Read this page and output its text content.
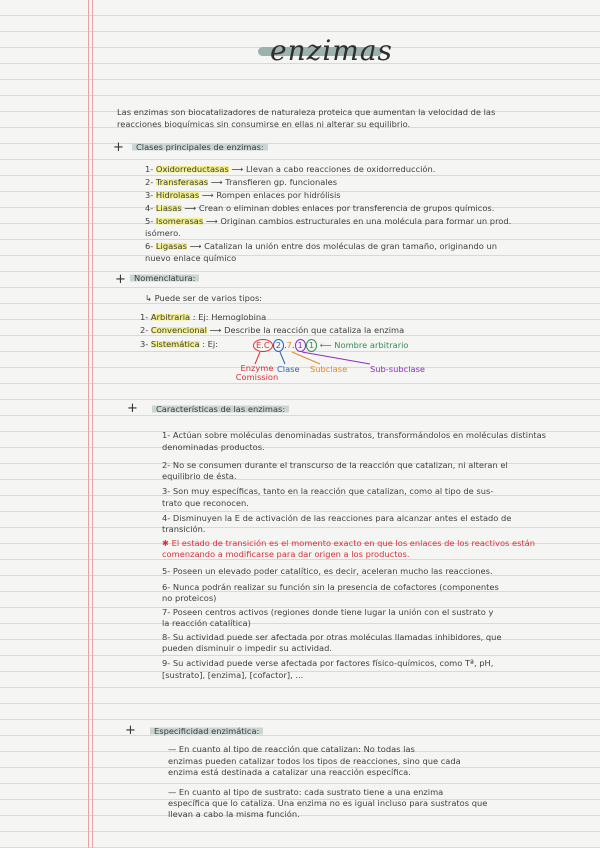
enzimas
Las enzimas son biocatalizadores de naturaleza proteica que aumentan la velocidad de las
reacciones bioquímicas sin consumirse en ellas ni alterar su equilibrio.
+	Clases principales de enzimas:
1- Oxidorreductasas ⟶ Llevan a cabo reacciones de oxidorreducción.
2- Transferasas ⟶ Transfieren gp. funcionales
3- Hidrolasas ⟶ Rompen enlaces por hidrólisis
4- Liasas ⟶ Crean o eliminan dobles enlaces por transferencia de grupos químicos.
5- Isomerasas ⟶ Originan cambios estructurales en una molécula para formar un prod.
isómero.
6- Ligasas ⟶ Catalizan la unión entre dos moléculas de gran tamaño, originando un
nuevo enlace químico
+ Nomenclatura:
↳ Puede ser de varios tipos:
1- Arbitraria : Ej: Hemoglobina
2- Convencional ⟶ Describe la reacción que cataliza la enzima
3- Sistemática : Ej:	E.C 2 .7. 1 1 ⟵ Nombre arbitrario
Enzyme Comission
Clase Subclase	Sub-subclase
+	Características de las enzimas:
1- Actúan sobre moléculas denominadas sustratos, transformándolos en moléculas distintas
denominadas productos.
2- No se consumen durante el transcurso de la reacción que catalizan, ni alteran el
equilibrio de ésta.
3- Son muy específicas, tanto en la reacción que catalizan, como al tipo de sus-
trato que reconocen.
4- Disminuyen la E de activación de las reacciones para alcanzar antes el estado de
transición.
✱ El estado de transición es el momento exacto en que los enlaces de los reactivos están
comenzando a modificarse para dar origen a los productos.
5- Poseen un elevado poder catalítico, es decir, aceleran mucho las reacciones.
6- Nunca podrán realizar su función sin la presencia de cofactores (componentes
no proteicos)
7- Poseen centros activos (regiones donde tiene lugar la unión con el sustrato y
la reacción catalítica)
8- Su actividad puede ser afectada por otras moléculas llamadas inhibidores, que
pueden disminuir o impedir su actividad.
9- Su actividad puede verse afectada por factores físico-químicos, como Tª, pH,
[sustrato], [enzima], [cofactor], ...
+	Especificidad enzimática:
— En cuanto al tipo de reacción que catalizan: No todas las
enzimas pueden catalizar todos los tipos de reacciones, sino que cada
enzima está destinada a catalizar una reacción específica.
— En cuanto al tipo de sustrato: cada sustrato tiene a una enzima
específica que lo cataliza. Una enzima no es igual incluso para sustratos que
llevan a cabo la misma función.
